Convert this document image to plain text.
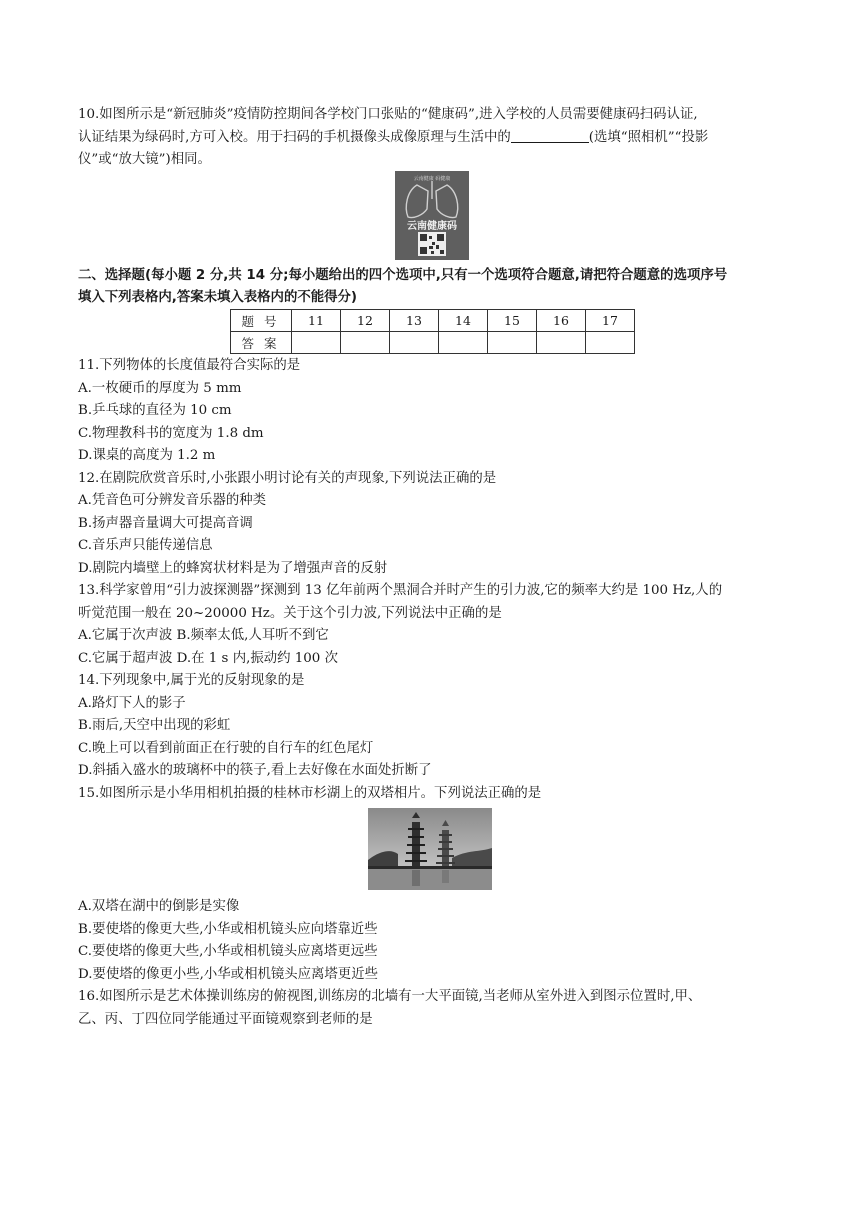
10.如图所示是“新冠肺炎”疫情防控期间各学校门口张贴的“健康码”,进入学校的人员需要健康码扫码认证,
认证结果为绿码时,方可入校。用于扫码的手机摄像头成像原理与生活中的	(选填“照相机”“投影
仪”或“放大镜”)相同。
云南健康 码健康
云南健康码
二、选择题(每小题 2 分,共 14 分;每小题给出的四个选项中,只有一个选项符合题意,请把符合题意的选项序号
填入下列表格内,答案未填入表格内的不能得分)
题号	11	12	13	14	15	16	17
答案							
11.下列物体的长度值最符合实际的是
A.一枚硬币的厚度为 5 mm
B.乒乓球的直径为 10 cm
C.物理教科书的宽度为 1.8 dm
D.课桌的高度为 1.2 m
12.在剧院欣赏音乐时,小张跟小明讨论有关的声现象,下列说法正确的是
A.凭音色可分辨发音乐器的种类
B.扬声器音量调大可提高音调
C.音乐声只能传递信息
D.剧院内墙壁上的蜂窝状材料是为了增强声音的反射
13.科学家曾用“引力波探测器”探测到 13 亿年前两个黑洞合并时产生的引力波,它的频率大约是 100 Hz,人的
听觉范围一般在 20~20000 Hz。关于这个引力波,下列说法中正确的是
A.它属于次声波 B.频率太低,人耳听不到它
C.它属于超声波 D.在 1 s 内,振动约 100 次
14.下列现象中,属于光的反射现象的是
A.路灯下人的影子
B.雨后,天空中出现的彩虹
C.晚上可以看到前面正在行驶的自行车的红色尾灯
D.斜插入盛水的玻璃杯中的筷子,看上去好像在水面处折断了
15.如图所示是小华用相机拍摄的桂林市杉湖上的双塔相片。下列说法正确的是
A.双塔在湖中的倒影是实像
B.要使塔的像更大些,小华或相机镜头应向塔靠近些
C.要使塔的像更大些,小华或相机镜头应离塔更远些
D.要使塔的像更小些,小华或相机镜头应离塔更近些
16.如图所示是艺术体操训练房的俯视图,训练房的北墙有一大平面镜,当老师从室外进入到图示位置时,甲、
乙、丙、丁四位同学能通过平面镜观察到老师的是
